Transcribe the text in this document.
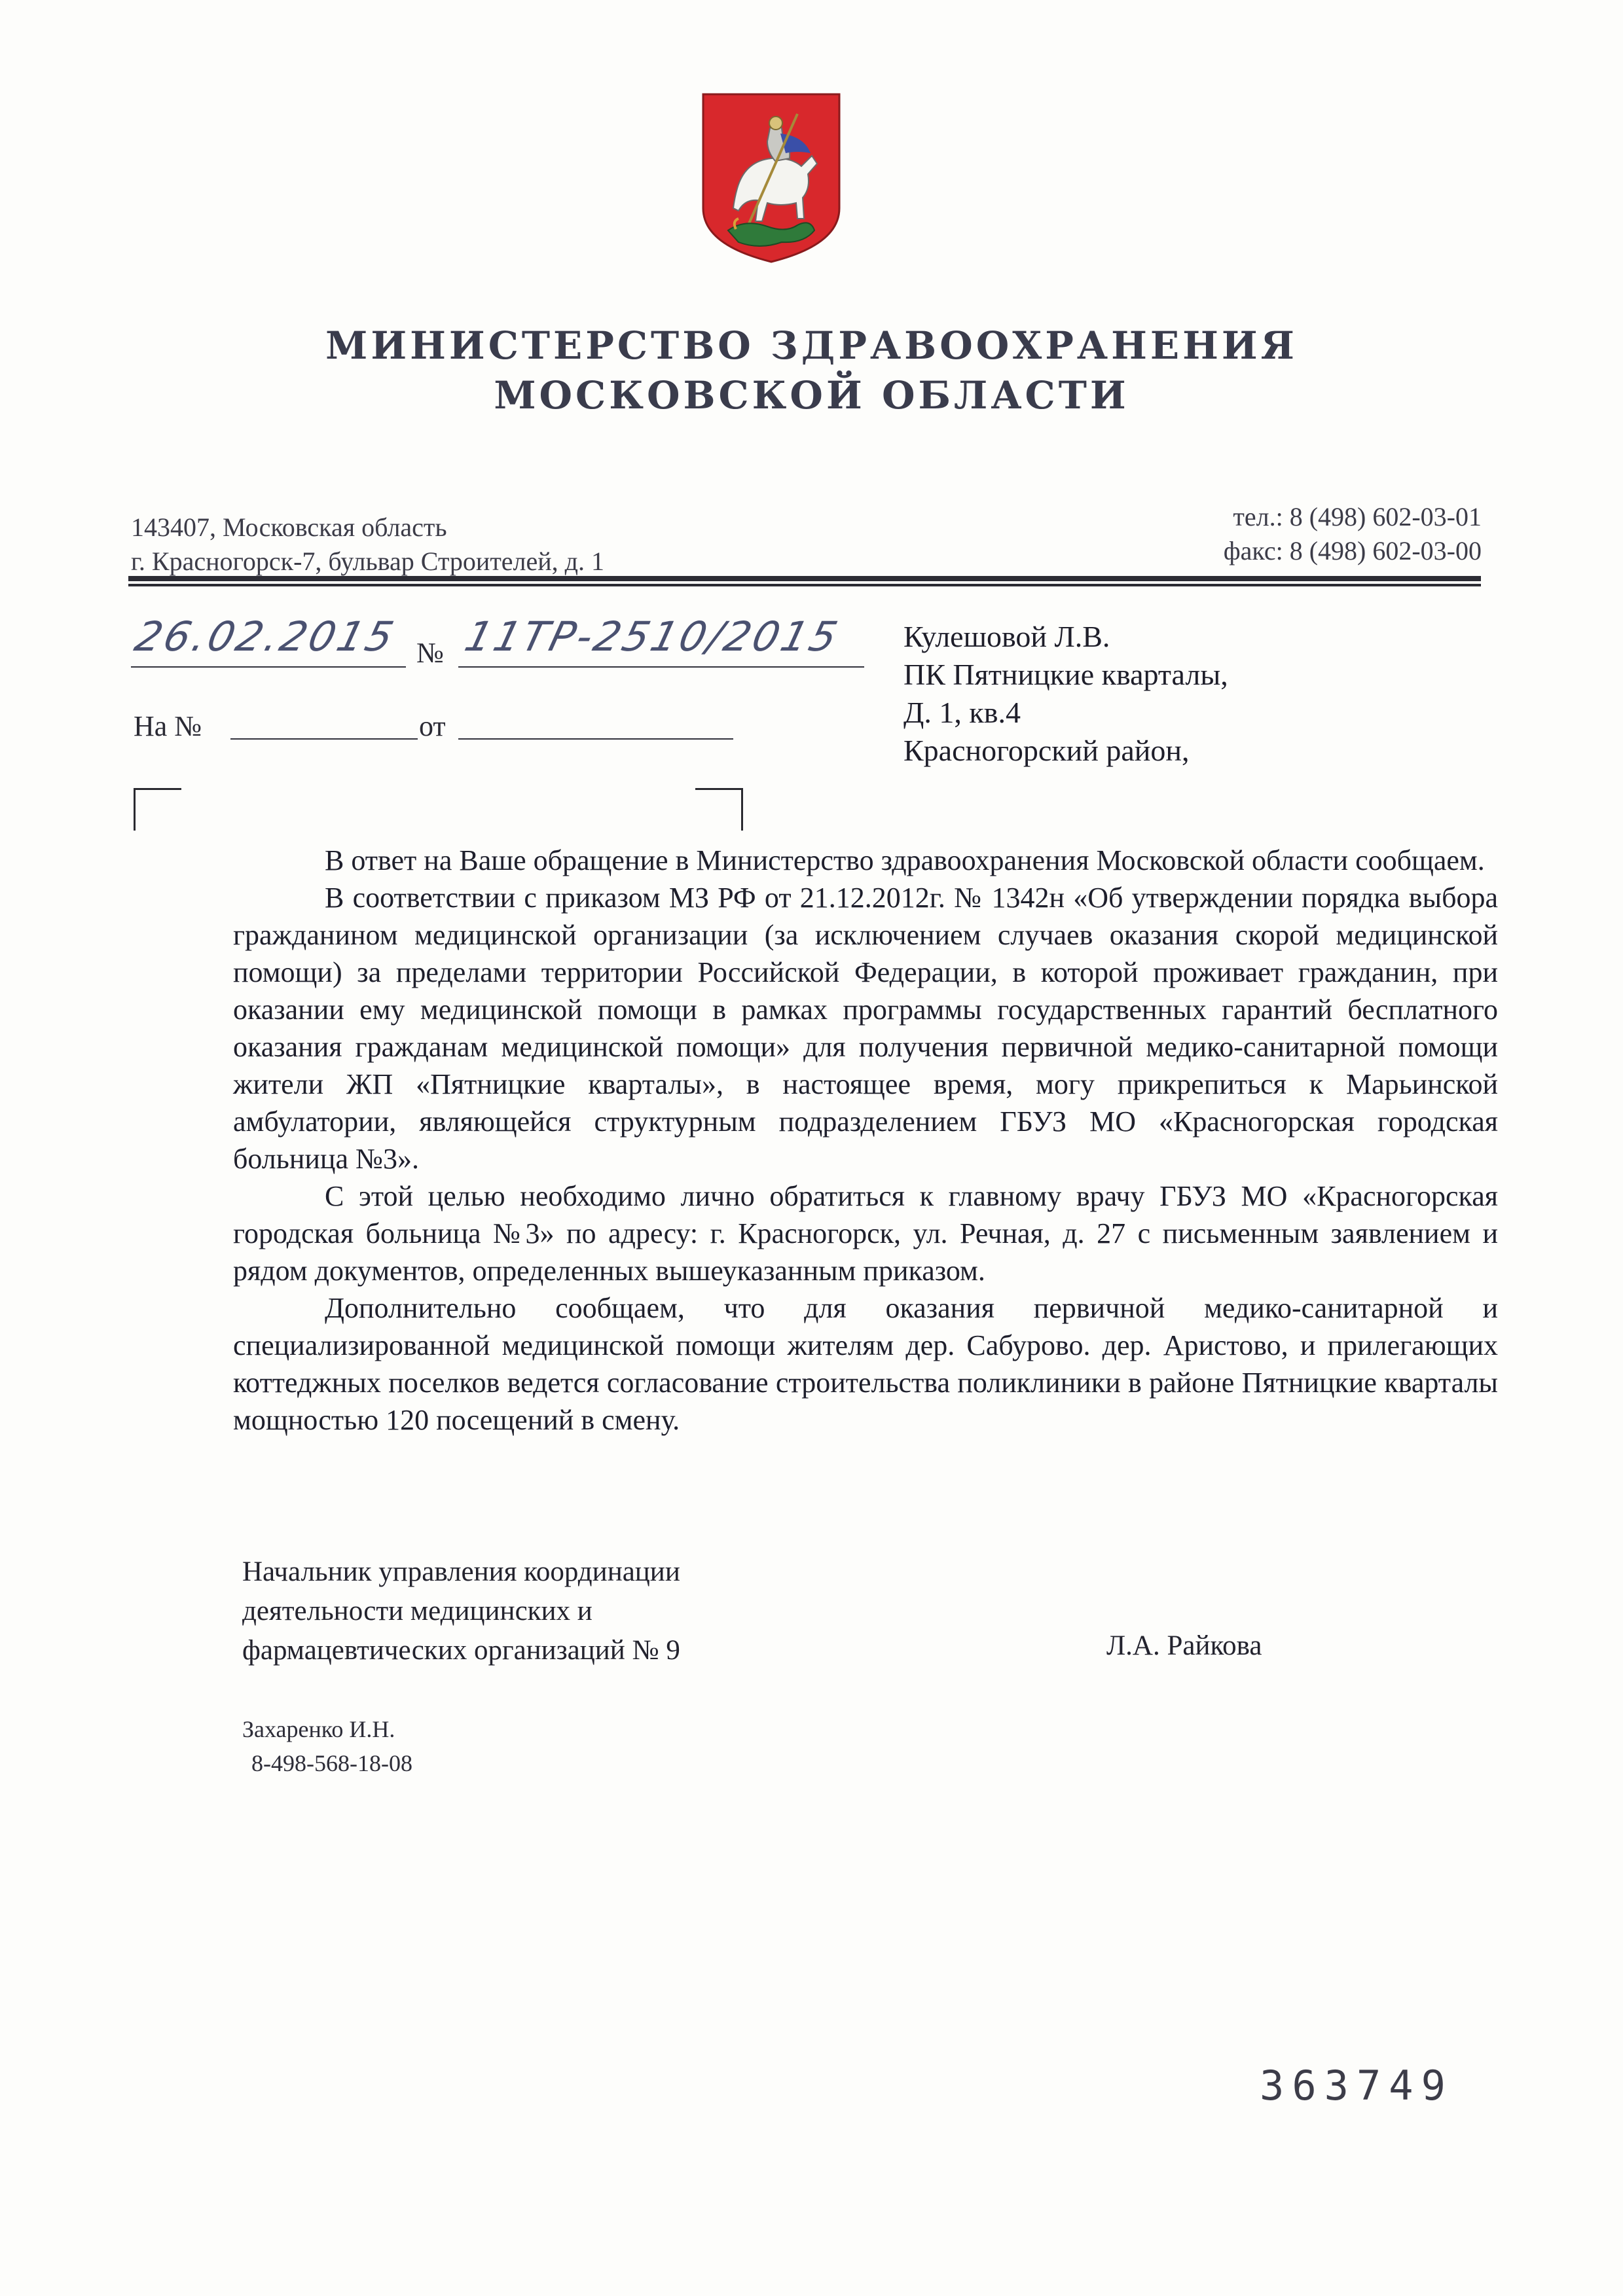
МИНИСТЕРСТВО ЗДРАВООХРАНЕНИЯ
МОСКОВСКОЙ ОБЛАСТИ
143407, Московская область
г. Красногорск-7, бульвар Строителей, д. 1
тел.: 8 (498) 602-03-01
факс: 8 (498) 602-03-00
26.02.2015 № 11ТР-2510/2015
На №	от
Кулешовой Л.В.
ПК Пятницкие кварталы,
Д. 1, кв.4
Красногорский район,

В ответ на Ваше обращение в Министерство здравоохранения Московской области сообщаем.

В соответствии с приказом МЗ РФ от 21.12.2012г. № 1342н «Об утверждении порядка выбора гражданином медицинской организации (за исключением случаев оказания скорой медицинской помощи) за пределами территории Российской Федерации, в которой проживает гражданин, при оказании ему медицинской помощи в рамках программы государственных гарантий бесплатного оказания гражданам медицинской помощи» для получения первичной медико-санитарной помощи жители ЖП «Пятницкие кварталы», в настоящее время, могу прикрепиться к Марьинской амбулатории, являющейся структурным подразделением ГБУЗ МО «Красногорская городская больница №3».

С этой целью необходимо лично обратиться к главному врачу ГБУЗ МО «Красногорская городская больница №3» по адресу: г. Красногорск, ул. Речная, д. 27 с письменным заявлением и рядом документов, определенных вышеуказанным приказом.

Дополнительно сообщаем, что для оказания первичной медико-санитарной и специализированной медицинской помощи жителям дер. Сабурово. дер. Аристово, и прилегающих коттеджных поселков ведется согласование строительства поликлиники в районе Пятницкие кварталы мощностью 120 посещений в смену.

Начальник управления координации
деятельности медицинских и
фармацевтических организаций № 9	Л.А. Райкова
Захаренко И.Н.
8-498-568-18-08
363749
